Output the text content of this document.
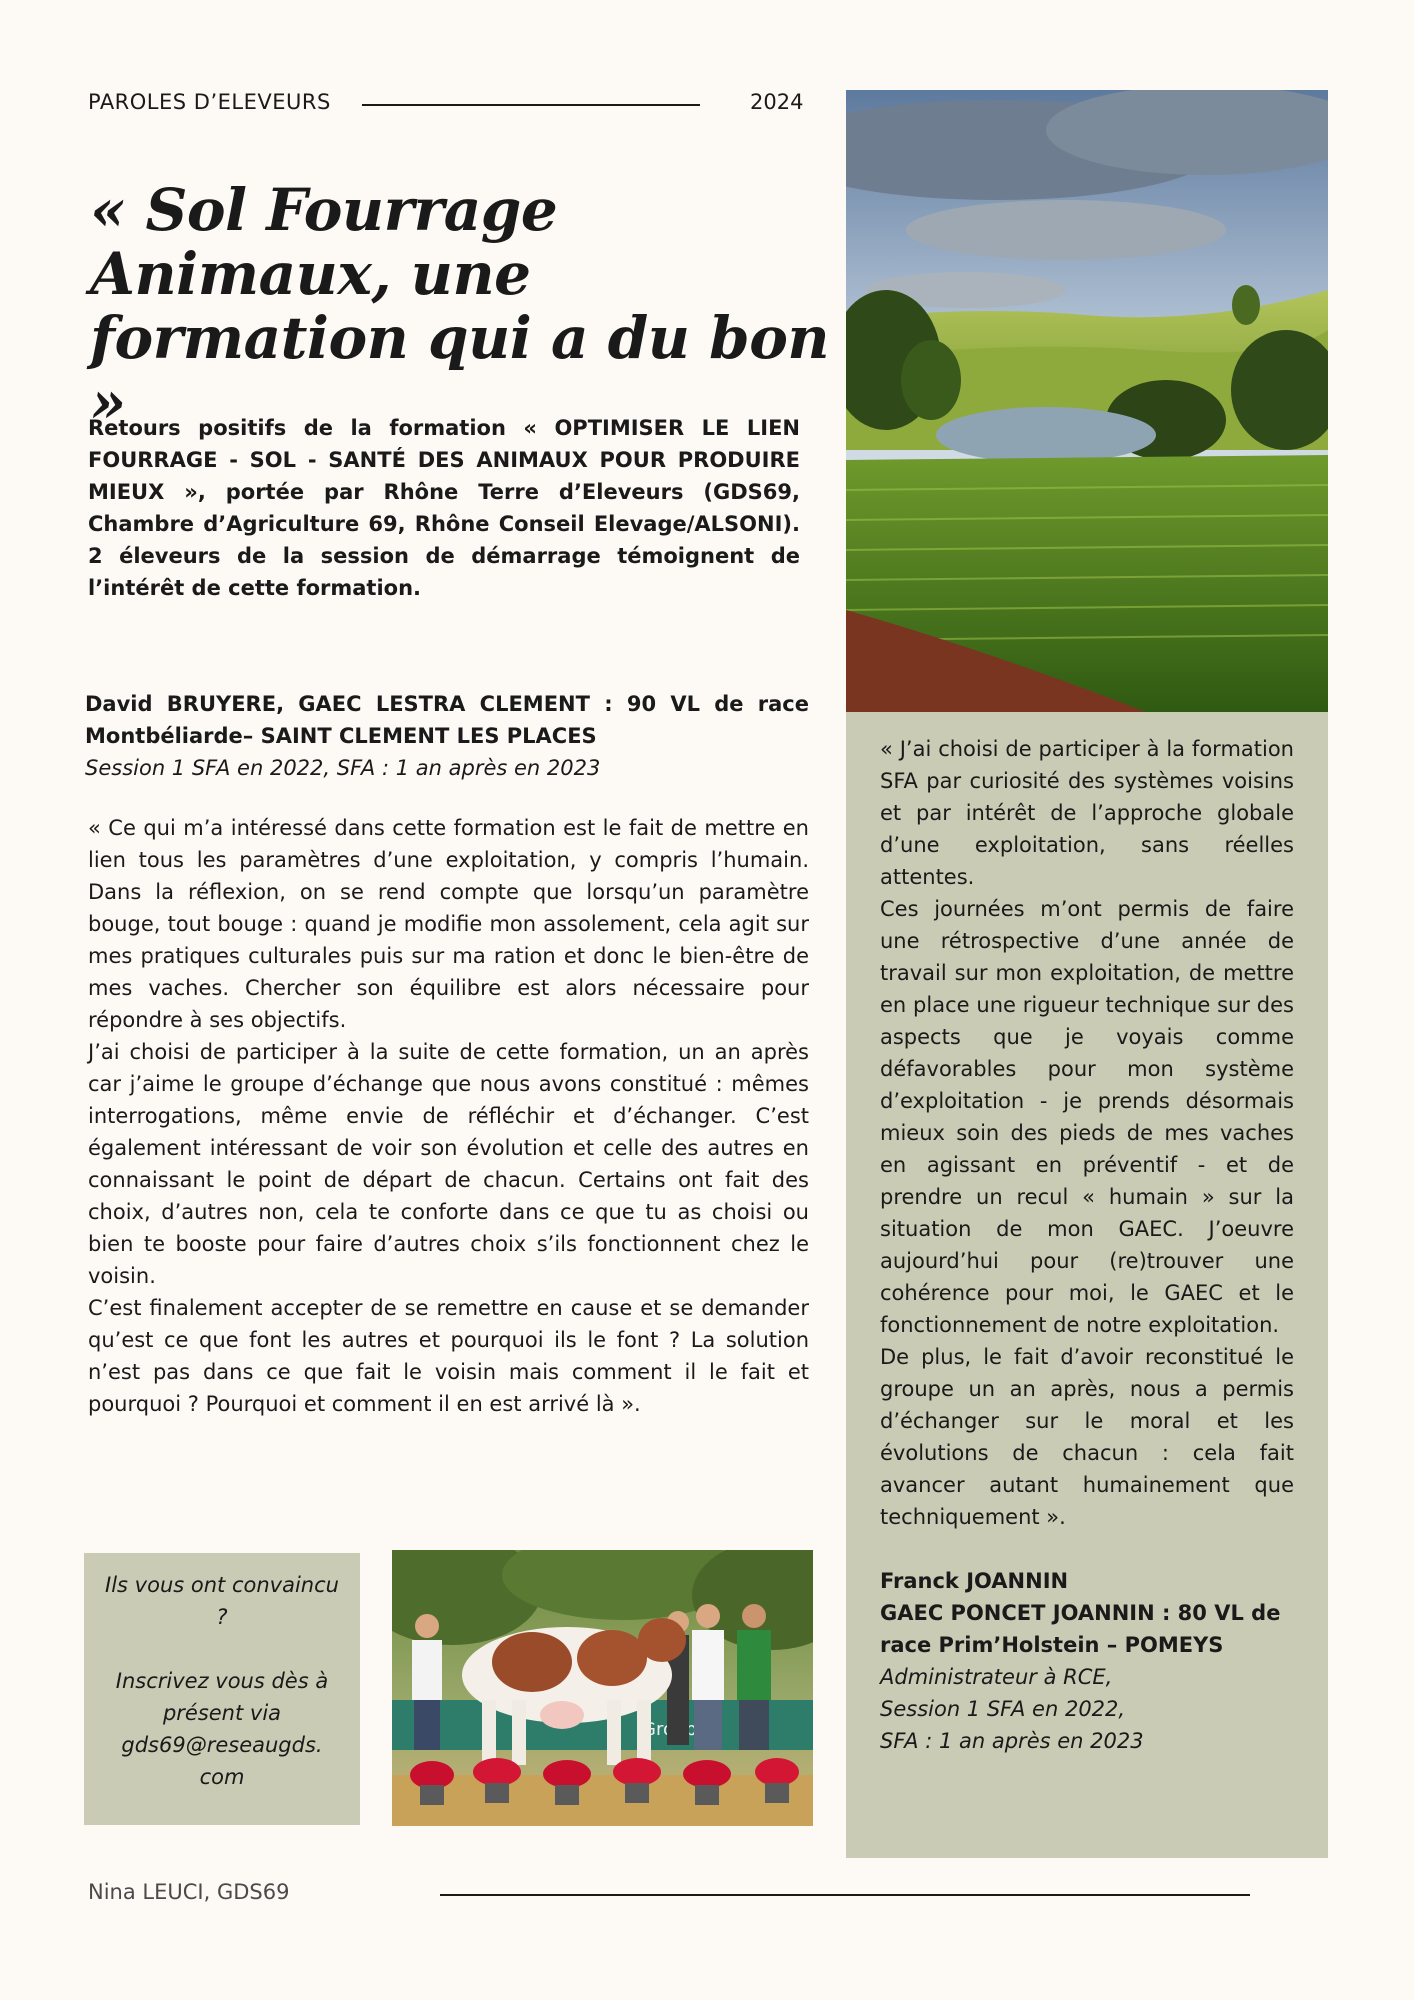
PAROLES D’ELEVEURS	2024
« Sol Fourrage Animaux, une formation qui a du bon »
Retours positifs de la formation « OPTIMISER LE LIEN FOURRAGE - SOL - SANTÉ DES ANIMAUX POUR PRODUIRE MIEUX », portée par Rhône Terre d’Eleveurs (GDS69, Chambre d’Agriculture 69, Rhône Conseil Elevage/ALSONI). 2 éleveurs de la session de démarrage témoignent de l’intérêt de cette formation.
David BRUYERE, GAEC LESTRA CLEMENT : 90 VL de race Montbéliarde– SAINT CLEMENT LES PLACES
Session 1 SFA en 2022, SFA : 1 an après en 2023

« Ce qui m’a intéressé dans cette formation est le fait de mettre en lien tous les paramètres d’une exploitation, y compris l’humain. Dans la réflexion, on se rend compte que lorsqu’un paramètre bouge, tout bouge : quand je modifie mon assolement, cela agit sur mes pratiques culturales puis sur ma ration et donc le bien-être de mes vaches. Chercher son équilibre est alors nécessaire pour répondre à ses objectifs.

J’ai choisi de participer à la suite de cette formation, un an après car j’aime le groupe d’échange que nous avons constitué : mêmes interrogations, même envie de réfléchir et d’échanger. C’est également intéressant de voir son évolution et celle des autres en connaissant le point de départ de chacun. Certains ont fait des choix, d’autres non, cela te conforte dans ce que tu as choisi ou bien te booste pour faire d’autres choix s’ils fonctionnent chez le voisin.

C’est finalement accepter de se remettre en cause et se demander qu’est ce que font les autres et pourquoi ils le font ? La solution n’est pas dans ce que fait le voisin mais comment il le fait et pourquoi ? Pourquoi et comment il en est arrivé là ».

Ils vous ont convaincu ?

Inscrivez vous dès à présent via gds69@reseaugds. com

« J’ai choisi de participer à la formation SFA par curiosité des systèmes voisins et par intérêt de l’approche globale d’une exploitation, sans réelles attentes.

Ces journées m’ont permis de faire une rétrospective d’une année de travail sur mon exploitation, de mettre en place une rigueur technique sur des aspects que je voyais comme défavorables pour mon système d’exploitation - je prends désormais mieux soin des pieds de mes vaches en agissant en préventif - et de prendre un recul « humain » sur la situation de mon GAEC. J’oeuvre aujourd’hui pour (re)trouver une cohérence pour moi, le GAEC et le fonctionnement de notre exploitation.

De plus, le fait d’avoir reconstitué le groupe un an après, nous a permis d’échanger sur le moral et les évolutions de chacun : cela fait avancer autant humainement que techniquement ».

Franck JOANNIN
GAEC PONCET JOANNIN : 80 VL de race Prim’Holstein – POMEYS
Administrateur à RCE,
Session 1 SFA en 2022,
SFA : 1 an après en 2023
Nina LEUCI, GDS69
